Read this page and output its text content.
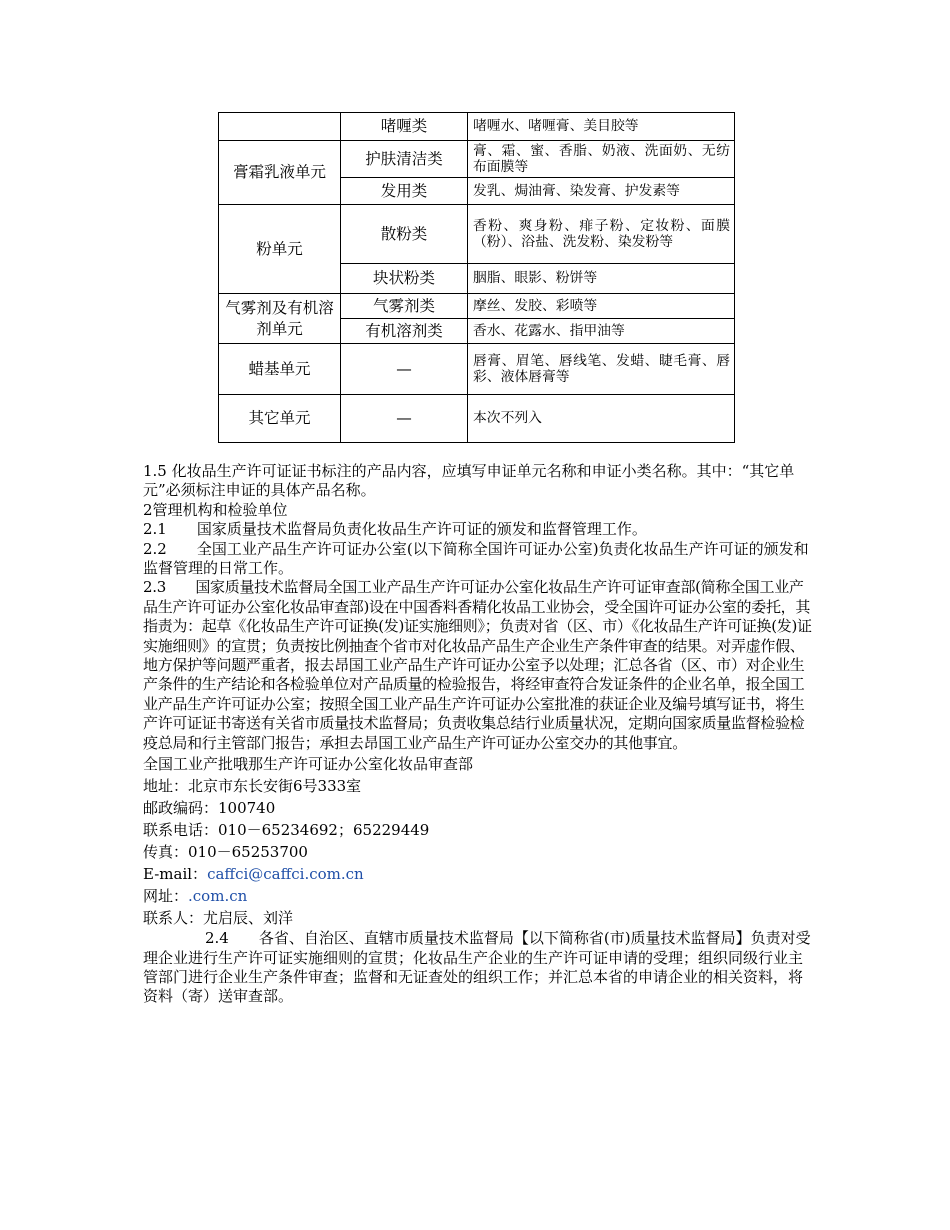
	啫喱类	啫喱水、啫喱膏、美目胶等
膏霜乳液单元	护肤清洁类	膏、霜、蜜、香脂、奶液、洗面奶、无纺布面膜等
	发用类	发乳、焗油膏、染发膏、护发素等
粉单元	散粉类	香粉、爽身粉、痱子粉、定妆粉、面膜（粉）、浴盐、洗发粉、染发粉等
	块状粉类	胭脂、眼影、粉饼等
气雾剂及有机溶剂单元	气雾剂类	摩丝、发胶、彩喷等
	有机溶剂类	香水、花露水、指甲油等
蜡基单元	—	唇膏、眉笔、唇线笔、发蜡、睫毛膏、唇彩、液体唇膏等
其它单元	—	本次不列入

1.5 化妆品生产许可证证书标注的产品内容，应填写申证单元名称和申证小类名称。其中：“其它单元”必须标注申证的具体产品名称。

2管理机构和检验单位

2.1　　国家质量技术监督局负责化妆品生产许可证的颁发和监督管理工作。

2.2　　全国工业产品生产许可证办公室(以下简称全国许可证办公室)负责化妆品生产许可证的颁发和监督管理的日常工作。

2.3　　国家质量技术监督局全国工业产品生产许可证办公室化妆品生产许可证审查部(简称全国工业产品生产许可证办公室化妆品审查部)设在中国香料香精化妆品工业协会，受全国许可证办公室的委托，其指责为：起草《化妆品生产许可证换(发)证实施细则》；负责对省（区、市）《化妆品生产许可证换(发)证实施细则》的宣贯；负责按比例抽查个省市对化妆品产品生产企业生产条件审查的结果。对弄虚作假、地方保护等问题严重者，报去昂国工业产品生产许可证办公室予以处理；汇总各省（区、市）对企业生产条件的生产结论和各检验单位对产品质量的检验报告，将经审查符合发证条件的企业名单，报全国工业产品生产许可证办公室；按照全国工业产品生产许可证办公室批准的获证企业及编号填写证书，将生产许可证证书寄送有关省市质量技术监督局；负责收集总结行业质量状况，定期向国家质量监督检验检疫总局和行主管部门报告；承担去昂国工业产品生产许可证办公室交办的其他事宜。

全国工业产批哦那生产许可证办公室化妆品审查部

地址：北京市东长安街6号333室

邮政编码：100740

联系电话：010－65234692；65229449

传真：010－65253700

E-mail：caffci@caffci.com.cn

网址：.com.cn

联系人：尤启辰、刘洋

2.4　　各省、自治区、直辖市质量技术监督局【以下简称省(市)质量技术监督局】负责对受理企业进行生产许可证实施细则的宣贯；化妆品生产企业的生产许可证申请的受理；组织同级行业主管部门进行企业生产条件审查；监督和无证查处的组织工作；并汇总本省的申请企业的相关资料，将资料（寄）送审查部。
